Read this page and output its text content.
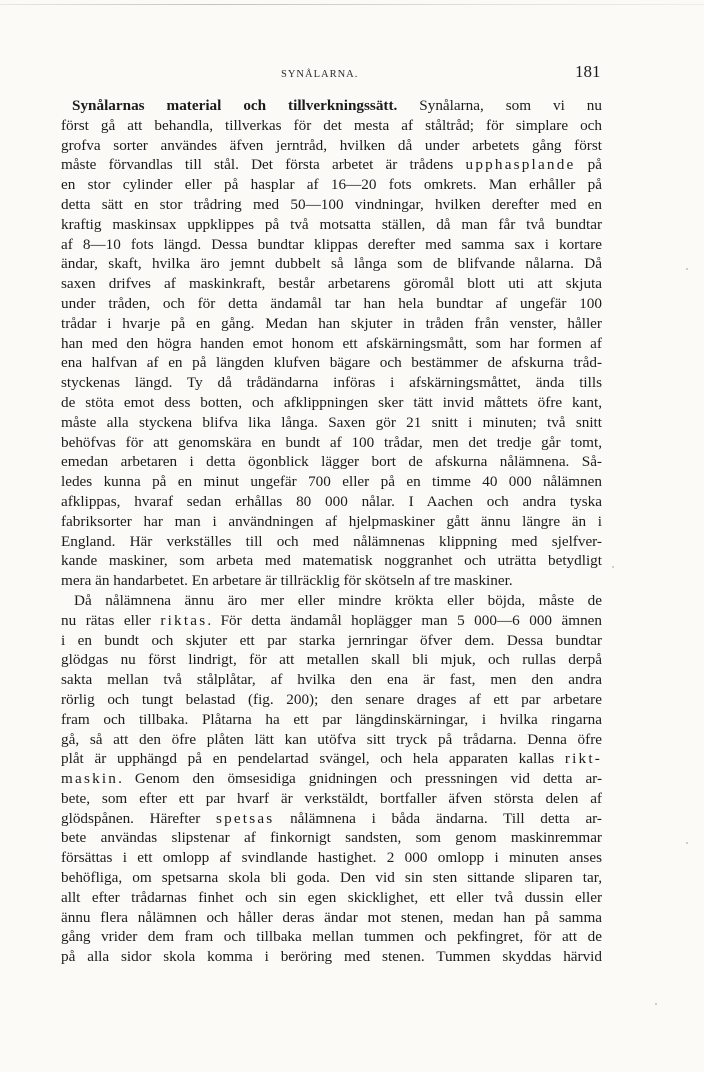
SYNÅLARNA.	181
Synålarnas material och tillverkningssätt. Synålarna, som vi nu
först gå att behandla, tillverkas för det mesta af ståltråd; för simplare och
grofva sorter användes äfven jerntråd, hvilken då under arbetets gång först
måste förvandlas till stål. Det första arbetet är trådens upphasplande på
en stor cylinder eller på hasplar af 16—20 fots omkrets. Man erhåller på
detta sätt en stor trådring med 50—100 vindningar, hvilken derefter med en
kraftig maskinsax uppklippes på två motsatta ställen, då man får två bundtar
af 8—10 fots längd. Dessa bundtar klippas derefter med samma sax i kortare
ändar, skaft, hvilka äro jemnt dubbelt så långa som de blifvande nålarna. Då
saxen drifves af maskinkraft, består arbetarens göromål blott uti att skjuta
under tråden, och för detta ändamål tar han hela bundtar af ungefär 100
trådar i hvarje på en gång. Medan han skjuter in tråden från venster, håller
han med den högra handen emot honom ett afskärningsmått, som har formen af
ena halfvan af en på längden klufven bägare och bestämmer de afskurna tråd-
styckenas längd. Ty då trådändarna införas i afskärningsmåttet, ända tills
de stöta emot dess botten, och afklippningen sker tätt invid måttets öfre kant,
måste alla styckena blifva lika långa. Saxen gör 21 snitt i minuten; två snitt
behöfvas för att genomskära en bundt af 100 trådar, men det tredje går tomt,
emedan arbetaren i detta ögonblick lägger bort de afskurna nålämnena. Så-
ledes kunna på en minut ungefär 700 eller på en timme 40 000 nålämnen
afklippas, hvaraf sedan erhållas 80 000 nålar. I Aachen och andra tyska
fabriksorter har man i användningen af hjelpmaskiner gått ännu längre än i
England. Här verkställes till och med nålämnenas klippning med sjelfver-
kande maskiner, som arbeta med matematisk noggranhet och uträtta betydligt
mera än handarbetet. En arbetare är tillräcklig för skötseln af tre maskiner.
Då nålämnena ännu äro mer eller mindre krökta eller böjda, måste de
nu rätas eller riktas. För detta ändamål hoplägger man 5 000—6 000 ämnen
i en bundt och skjuter ett par starka jernringar öfver dem. Dessa bundtar
glödgas nu först lindrigt, för att metallen skall bli mjuk, och rullas derpå
sakta mellan två stålplåtar, af hvilka den ena är fast, men den andra
rörlig och tungt belastad (fig. 200); den senare drages af ett par arbetare
fram och tillbaka. Plåtarna ha ett par längdinskärningar, i hvilka ringarna
gå, så att den öfre plåten lätt kan utöfva sitt tryck på trådarna. Denna öfre
plåt är upphängd på en pendelartad svängel, och hela apparaten kallas rikt-
maskin. Genom den ömsesidiga gnidningen och pressningen vid detta ar-
bete, som efter ett par hvarf är verkstäldt, bortfaller äfven största delen af
glödspånen. Härefter spetsas nålämnena i båda ändarna. Till detta ar-
bete användas slipstenar af finkornigt sandsten, som genom maskinremmar
försättas i ett omlopp af svindlande hastighet. 2 000 omlopp i minuten anses
behöfliga, om spetsarna skola bli goda. Den vid sin sten sittande sliparen tar,
allt efter trådarnas finhet och sin egen skicklighet, ett eller två dussin eller
ännu flera nålämnen och håller deras ändar mot stenen, medan han på samma
gång vrider dem fram och tillbaka mellan tummen och pekfingret, för att de
på alla sidor skola komma i beröring med stenen. Tummen skyddas härvid
